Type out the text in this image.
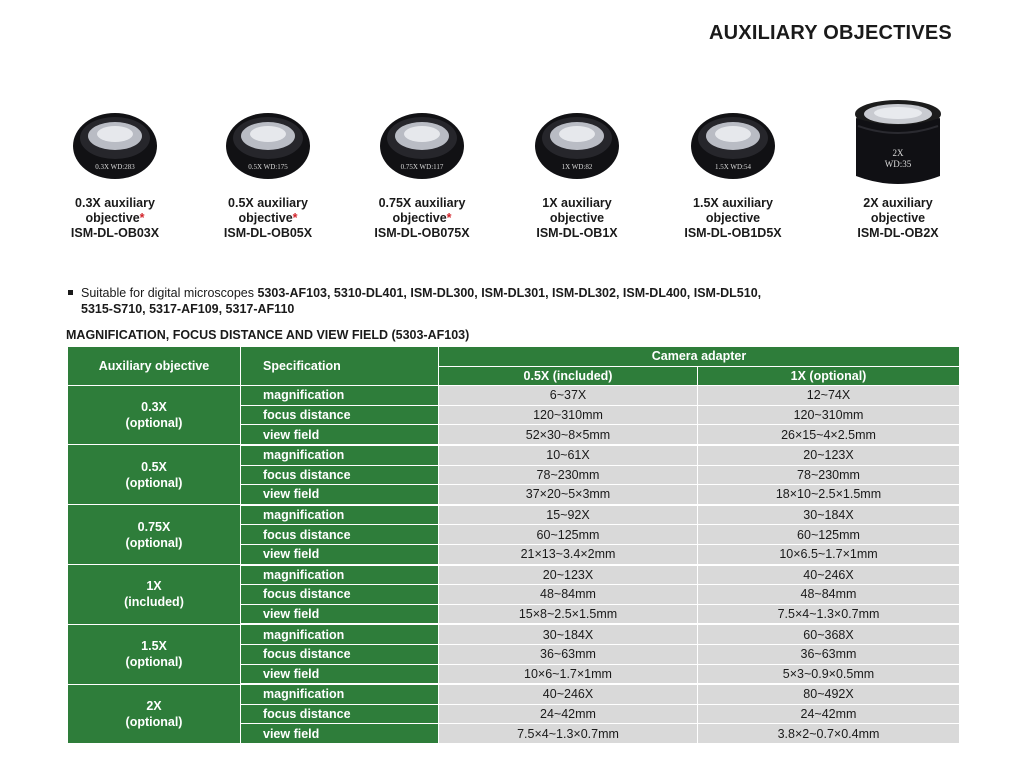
AUXILIARY OBJECTIVES
0.3X WD:283
0.3X auxiliary
objective*
ISM-DL-OB03X
0.5X WD:175
0.5X auxiliary
objective*
ISM-DL-OB05X
0.75X WD:117
0.75X auxiliary
objective*
ISM-DL-OB075X
1X WD:82
1X auxiliary
objective
ISM-DL-OB1X
1.5X WD:54
1.5X auxiliary
objective
ISM-DL-OB1D5X
2X
WD:35
2X auxiliary
objective
ISM-DL-OB2X
Suitable for digital microscopes 5303-AF103, 5310-DL401, ISM-DL300, ISM-DL301, ISM-DL302, ISM-DL400, ISM-DL510,
5315-S710, 5317-AF109, 5317-AF110
MAGNIFICATION, FOCUS DISTANCE AND VIEW FIELD (5303-AF103)
Auxiliary objective	Specification	Camera adapter	
		0.5X (included)	1X (optional)

0.3X
(optional)	magnification	6~37X	12~74X
	focus distance	120~310mm	120~310mm
	view field	52×30~8×5mm	26×15~4×2.5mm

0.5X
(optional)	magnification	10~61X	20~123X
	focus distance	78~230mm	78~230mm
	view field	37×20~5×3mm	18×10~2.5×1.5mm

0.75X
(optional)	magnification	15~92X	30~184X
	focus distance	60~125mm	60~125mm
	view field	21×13~3.4×2mm	10×6.5~1.7×1mm

1X
(included)	magnification	20~123X	40~246X
	focus distance	48~84mm	48~84mm
	view field	15×8~2.5×1.5mm	7.5×4~1.3×0.7mm

1.5X
(optional)	magnification	30~184X	60~368X
	focus distance	36~63mm	36~63mm
	view field	10×6~1.7×1mm	5×3~0.9×0.5mm

2X
(optional)	magnification	40~246X	80~492X
	focus distance	24~42mm	24~42mm
	view field	7.5×4~1.3×0.7mm	3.8×2~0.7×0.4mm
